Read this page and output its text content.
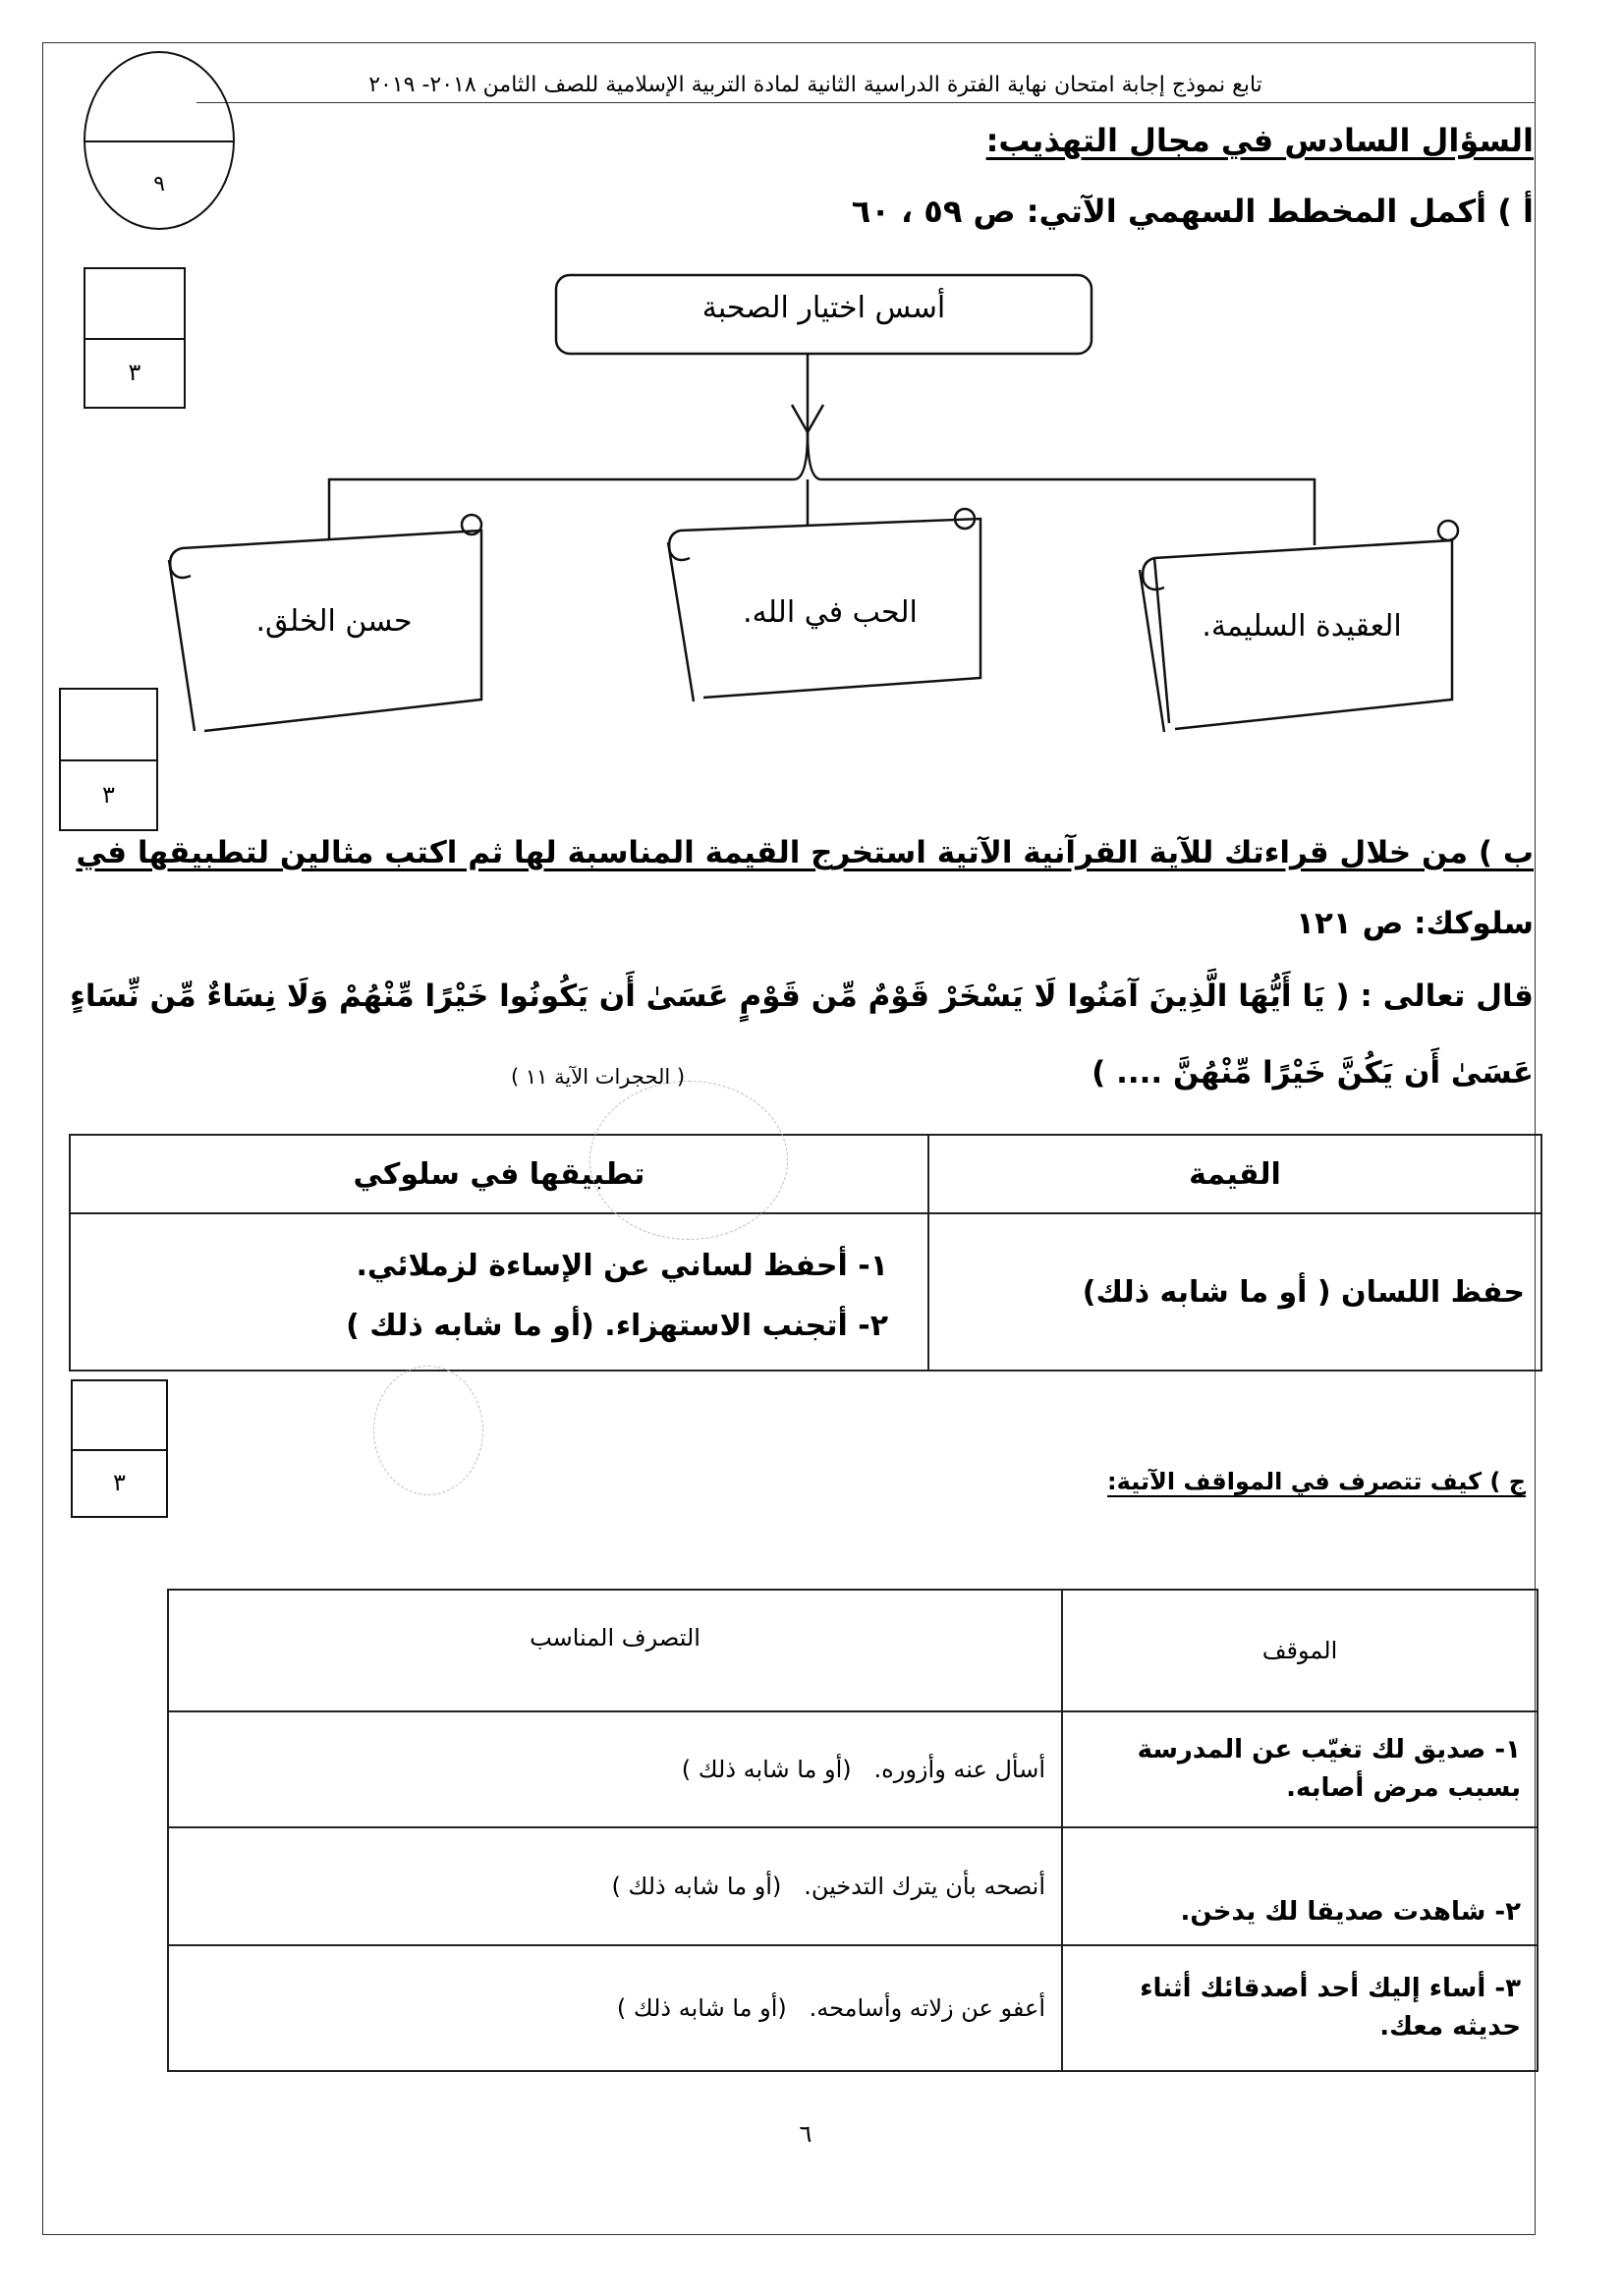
تابع نموذج إجابة امتحان نهاية الفترة الدراسية الثانية لمادة التربية الإسلامية للصف الثامن ٢٠١٨- ٢٠١٩
٩
السؤال السادس في مجال التهذيب:
أ ) أكمل المخطط السهمي الآتي: ص ٥٩ ، ٦٠
٣
أسس اختيار الصحبة
العقيدة السليمة.
الحب في الله.
حسن الخلق.
٣
ب ) من خلال قراءتك للآية القرآنية الآتية استخرج القيمة المناسبة لها ثم اكتب مثالين لتطبيقها في
سلوكك: ص ١٢١
قال تعالى : ( يَا أَيُّهَا الَّذِينَ آمَنُوا لَا يَسْخَرْ قَوْمٌ مِّن قَوْمٍ عَسَىٰ أَن يَكُونُوا خَيْرًا مِّنْهُمْ وَلَا نِسَاءٌ مِّن نِّسَاءٍ
عَسَىٰ أَن يَكُنَّ خَيْرًا مِّنْهُنَّ .... )
( الحجرات الآية ١١ )
القيمة	تطبيقها في سلوكي
حفظ اللسان ( أو ما شابه ذلك)	١- أحفظ لساني عن الإساءة لزملائي.
٢- أتجنب الاستهزاء. (أو ما شابه ذلك )
٣	ج ) كيف تتصرف في المواقف الآتية:
الموقف	التصرف المناسب
١- صديق لك تغيّب عن المدرسة بسبب مرض أصابه.	أسأل عنه وأزوره.   (أو ما شابه ذلك )
٢- شاهدت صديقا لك يدخن.	أنصحه بأن يترك التدخين.   (أو ما شابه ذلك )
٣- أساء إليك أحد أصدقائك أثناء حديثه معك.	أعفو عن زلاته وأسامحه.   (أو ما شابه ذلك )
٦
